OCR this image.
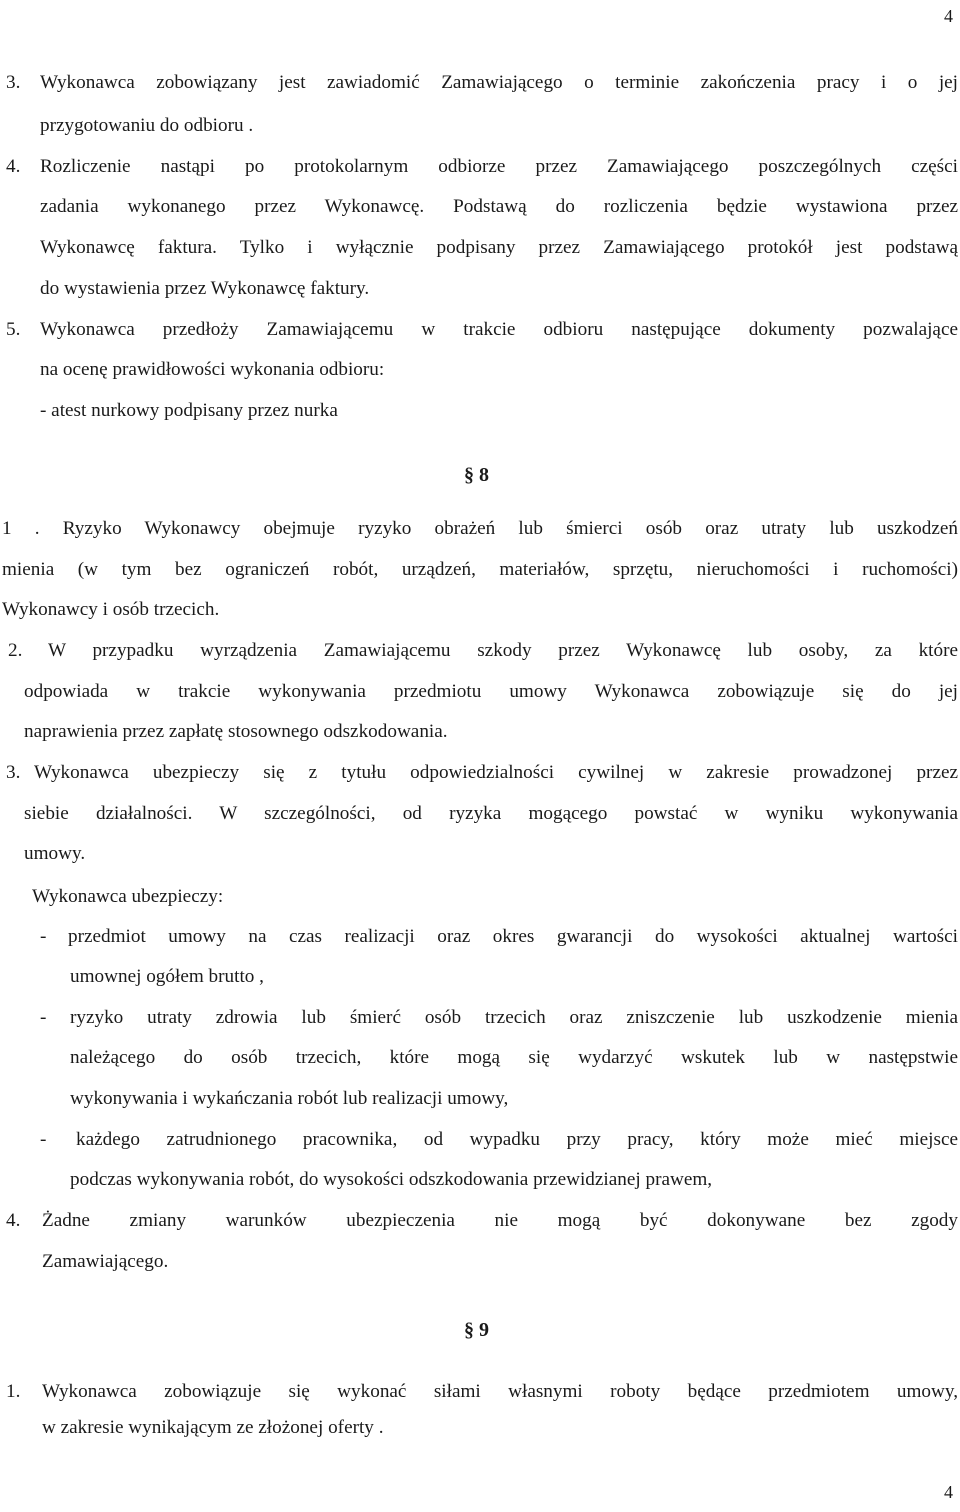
4
3. Wykonawca zobowiązany jest zawiadomić Zamawiającego o terminie zakończenia pracy i o jej
przygotowaniu do odbioru .
4. Rozliczenie nastąpi po protokolarnym odbiorze przez Zamawiającego poszczególnych części
zadania wykonanego przez Wykonawcę. Podstawą do rozliczenia będzie wystawiona przez
Wykonawcę faktura. Tylko i wyłącznie podpisany przez Zamawiającego protokół jest podstawą
do wystawienia przez Wykonawcę faktury.
5. Wykonawca przedłoży Zamawiającemu w trakcie odbioru następujące dokumenty pozwalające
na ocenę prawidłowości wykonania odbioru:
- atest nurkowy podpisany przez nurka
§ 8
1 . Ryzyko Wykonawcy obejmuje ryzyko obrażeń lub śmierci osób oraz utraty lub uszkodzeń
mienia (w tym bez ograniczeń robót, urządzeń, materiałów, sprzętu, nieruchomości i ruchomości)
Wykonawcy i osób trzecich.
2. W przypadku wyrządzenia Zamawiającemu szkody przez Wykonawcę lub osoby, za które
odpowiada w trakcie wykonywania przedmiotu umowy Wykonawca zobowiązuje się do jej
naprawienia przez zapłatę stosownego odszkodowania.
3. Wykonawca ubezpieczy się z tytułu odpowiedzialności cywilnej w zakresie prowadzonej przez
siebie działalności. W szczególności, od ryzyka mogącego powstać w wyniku wykonywania
umowy.
Wykonawca ubezpieczy:
- przedmiot umowy na czas realizacji oraz okres gwarancji do wysokości aktualnej wartości
umownej ogółem brutto ,
- ryzyko utraty zdrowia lub śmierć osób trzecich oraz zniszczenie lub uszkodzenie mienia
należącego do osób trzecich, które mogą się wydarzyć wskutek lub w następstwie
wykonywania i wykańczania robót lub realizacji umowy,
- każdego zatrudnionego pracownika, od wypadku przy pracy, który może mieć miejsce
podczas wykonywania robót, do wysokości odszkodowania przewidzianej prawem,
4. Żadne zmiany warunków ubezpieczenia nie mogą być dokonywane bez zgody
Zamawiającego.
§ 9
1. Wykonawca zobowiązuje się wykonać siłami własnymi roboty będące przedmiotem umowy,
w zakresie wynikającym ze złożonej oferty .
4
